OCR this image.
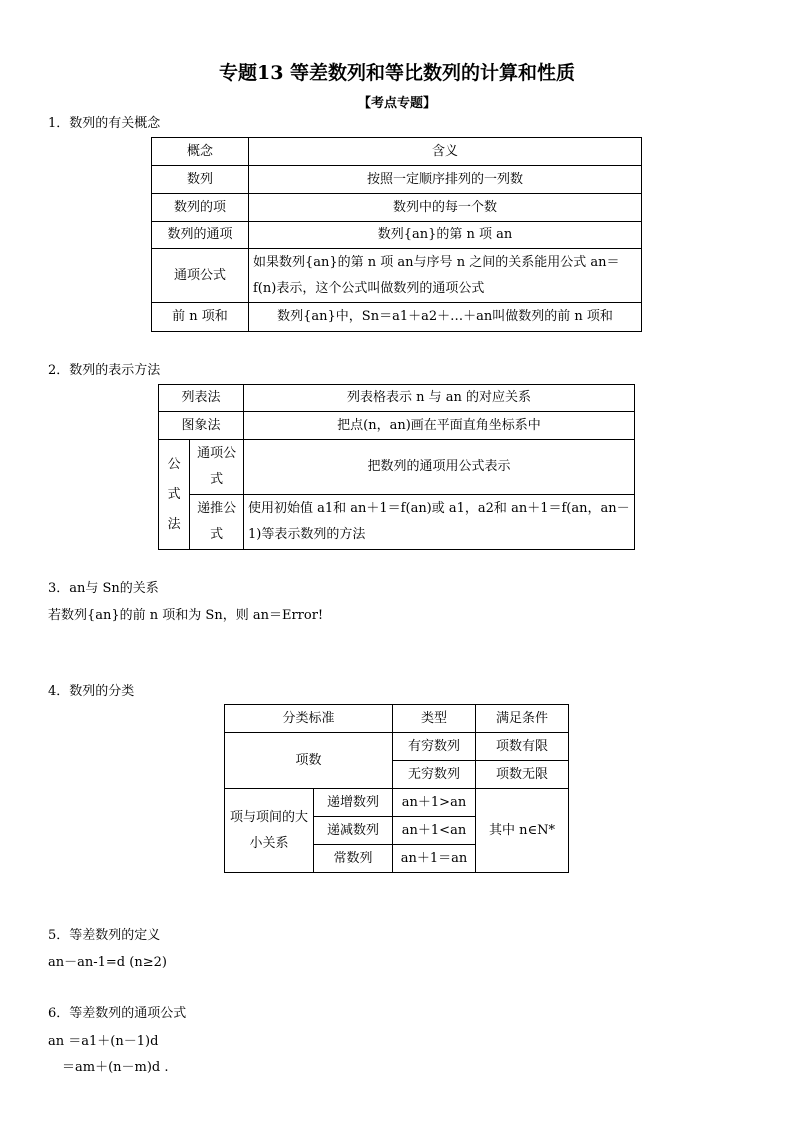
专题13 等差数列和等比数列的计算和性质
【考点专题】
1．数列的有关概念
概念	含义
数列	按照一定顺序排列的一列数
数列的项	数列中的每一个数
数列的通项	数列{an}的第 n 项 an
通项公式	如果数列{an}的第 n 项 an与序号 n 之间的关系能用公式 an＝f(n)表示，这个公式叫做数列的通项公式
前 n 项和	数列{an}中，Sn＝a1＋a2＋…＋an叫做数列的前 n 项和
2．数列的表示方法
列表法		列表格表示 n 与 an 的对应关系
图象法		把点(n，an)画在平面直角坐标系中
公式法	通项公式	把数列的通项用公式表示
	递推公式	使用初始值 a1和 an＋1＝f(an)或 a1，a2和 an＋1＝f(an，an－1)等表示数列的方法
3．an与 Sn的关系
若数列{an}的前 n 项和为 Sn，则 an＝Error!
4．数列的分类
分类标准		类型	满足条件
项数		有穷数列	项数有限
		无穷数列	项数无限
项与项间的大小关系	递增数列	an＋1>an	其中 n∈N*
	递减数列	an＋1<an	
	常数列	an＋1＝an	
5．等差数列的定义
an－an-1=d (n≥2)
6．等差数列的通项公式
an ＝a1＋(n－1)d
＝am＋(n－m)d .
